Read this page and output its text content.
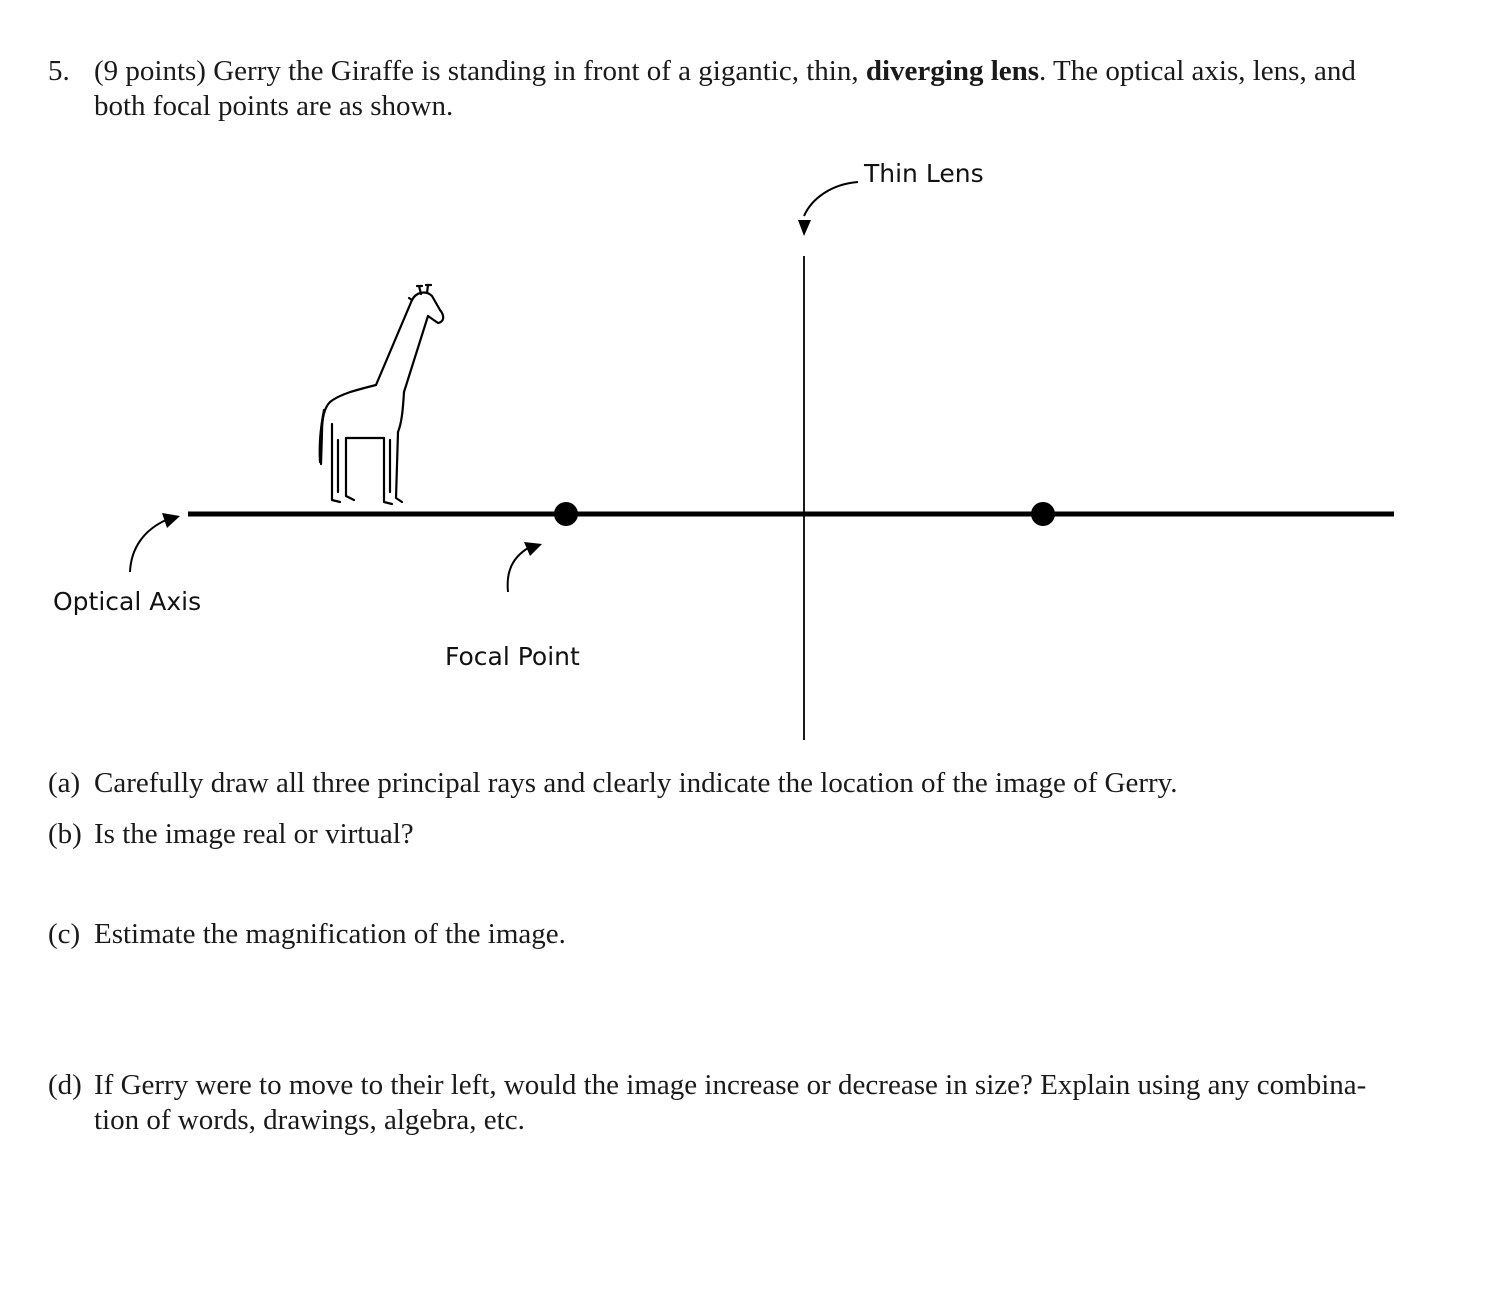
5. (9 points) Gerry the Giraffe is standing in front of a gigantic, thin, diverging lens. The optical axis, lens, and both focal points are as shown.
Thin Lens
Optical Axis
Focal Point
(a) Carefully draw all three principal rays and clearly indicate the location of the image of Gerry.
(b) Is the image real or virtual?
(c) Estimate the magnification of the image.
(d) If Gerry were to move to their left, would the image increase or decrease in size? Explain using any combina-tion of words, drawings, algebra, etc.
